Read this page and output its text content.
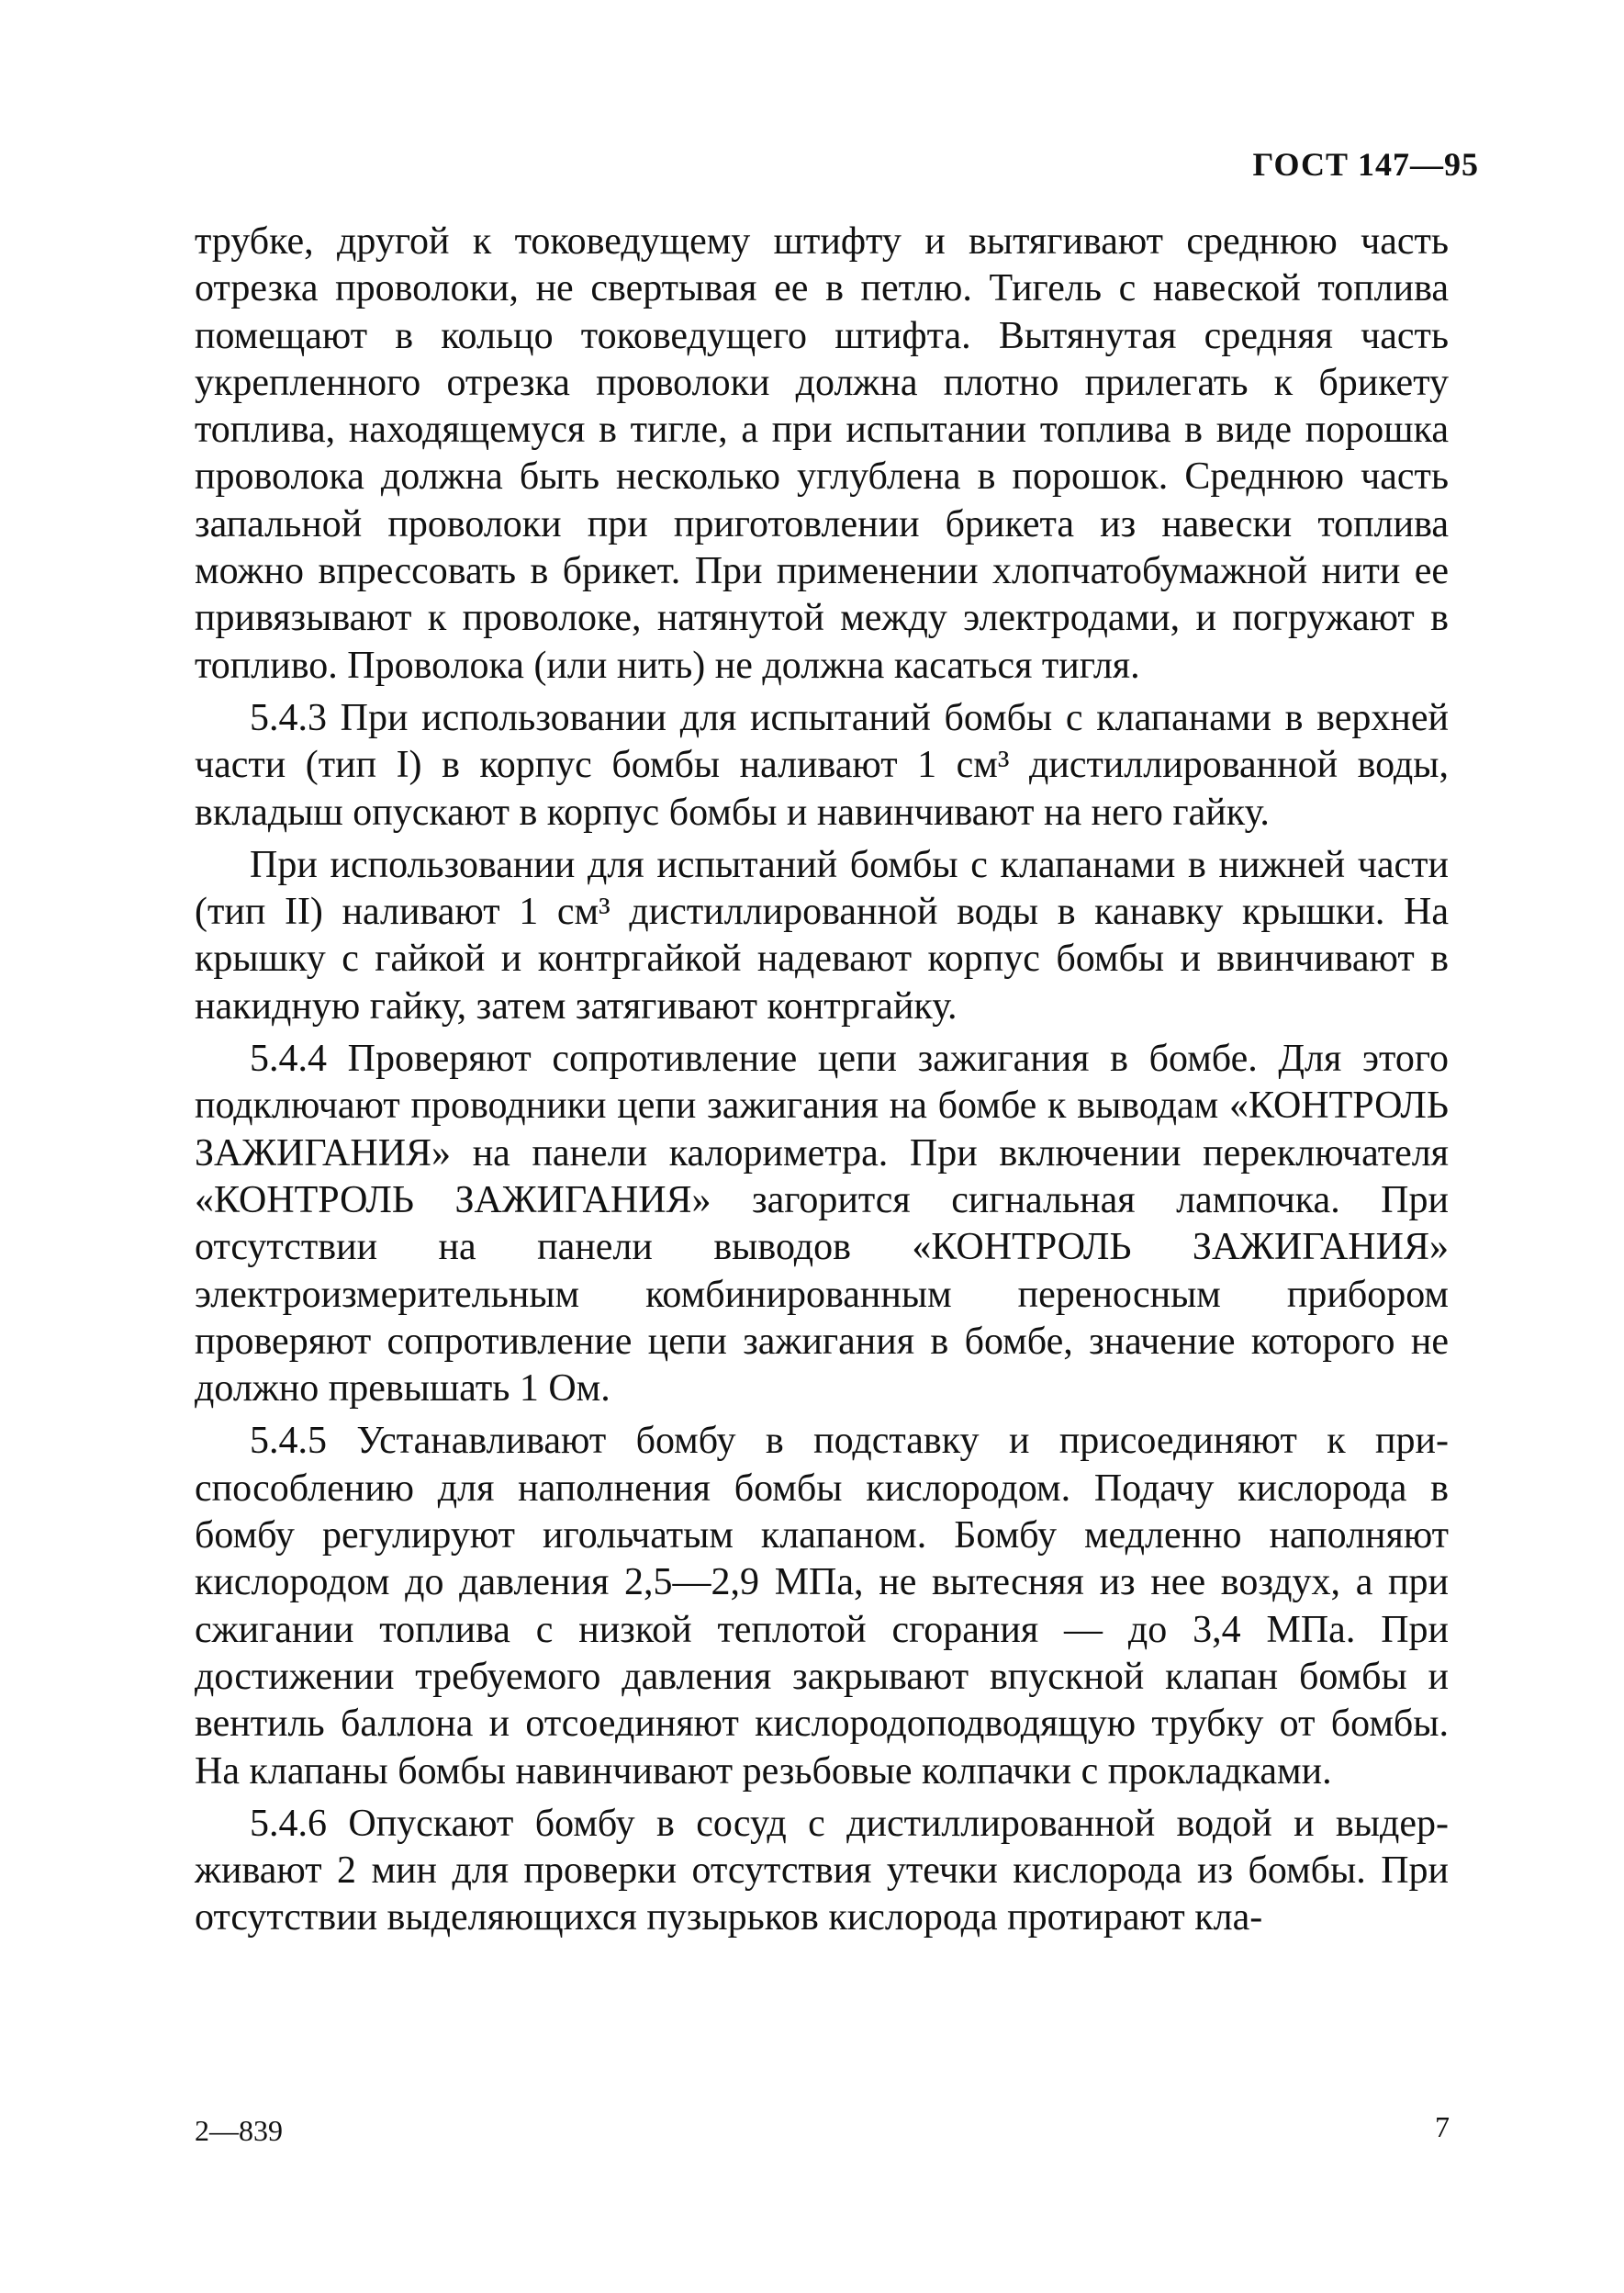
ГОСТ 147—95

трубке, другой к токоведущему штифту и вытягивают среднюю часть отрезка проволоки, не свертывая ее в петлю. Тигель с навеской топлива помещают в кольцо токоведущего штифта. Вытянутая средняя часть укрепленного отрезка проволоки должна плотно прилегать к брикету топлива, находящемуся в тигле, а при испытании топлива в виде порошка проволока должна быть несколько углублена в порошок. Среднюю часть запальной проволоки при приготовлении брикета из навески топлива можно впрессовать в брикет. При применении хлопчатобумажной нити ее привязывают к проволоке, натянутой между электродами, и погружают в топливо. Проволока (или нить) не должна касаться тигля.

5.4.3 При использовании для испытаний бомбы с клапанами в верхней части (тип I) в корпус бомбы наливают 1 см³ дистиллированной воды, вкладыш опускают в корпус бомбы и навинчивают на него гайку.

При использовании для испытаний бомбы с клапанами в нижней части (тип II) наливают 1 см³ дистиллированной воды в канавку крышки. На крышку с гайкой и контргайкой надевают корпус бомбы и ввинчивают в накидную гайку, затем затягивают контргайку.

5.4.4 Проверяют сопротивление цепи зажигания в бомбе. Для этого подключают проводники цепи зажигания на бомбе к выводам «КОНТРОЛЬ ЗАЖИГАНИЯ» на панели калориметра. При включении переключателя «КОНТРОЛЬ ЗАЖИГАНИЯ» загорится сигнальная лампочка. При отсутствии на панели выводов «КОНТРОЛЬ ЗАЖИГАНИЯ» электроизмерительным комбинированным переносным прибором проверяют сопротивление цепи зажигания в бомбе, значение которого не должно превышать 1 Ом.

5.4.5 Устанавливают бомбу в подставку и присоединяют к приспособлению для наполнения бомбы кислородом. Подачу кислорода в бомбу регулируют игольчатым клапаном. Бомбу медленно наполняют кислородом до давления 2,5—2,9 МПа, не вытесняя из нее воздух, а при сжигании топлива с низкой теплотой сгорания — до 3,4 МПа. При достижении требуемого давления закрывают впускной клапан бомбы и вентиль баллона и отсоединяют кислородоподводящую трубку от бомбы. На клапаны бомбы навинчивают резьбовые колпачки с прокладками.

5.4.6 Опускают бомбу в сосуд с дистиллированной водой и выдерживают 2 мин для проверки отсутствия утечки кислорода из бомбы. При отсутствии выделяющихся пузырьков кислорода протирают кла-

2—839	7
